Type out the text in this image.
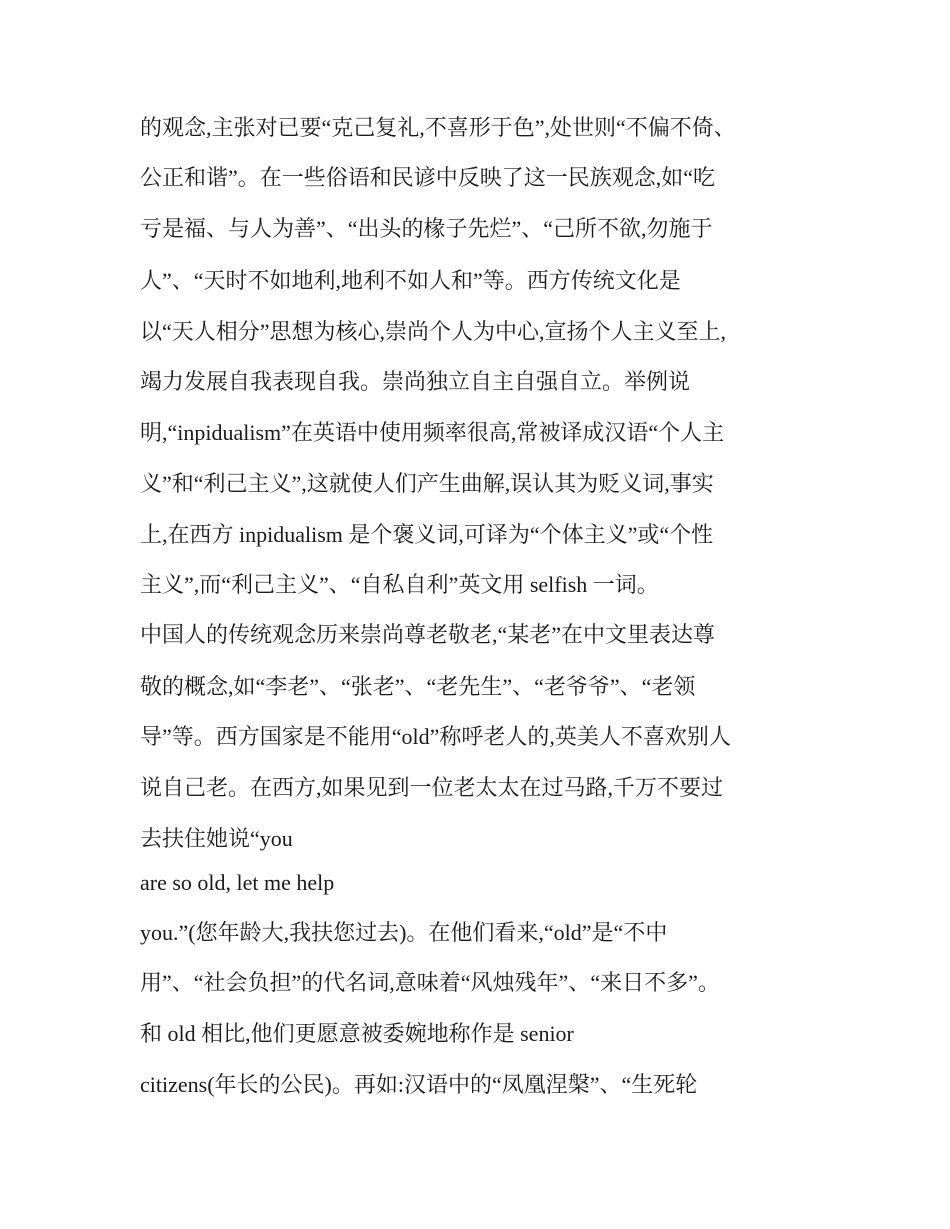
的观念,主张对已要“克己复礼,不喜形于色”,处世则“不偏不倚、
公正和谐”。在一些俗语和民谚中反映了这一民族观念,如“吃
亏是福、与人为善”、“出头的椽子先烂”、“己所不欲,勿施于
人”、“天时不如地利,地利不如人和”等。西方传统文化是
以“天人相分”思想为核心,崇尚个人为中心,宣扬个人主义至上,
竭力发展自我表现自我。崇尚独立自主自强自立。举例说
明,“inpidualism”在英语中使用频率很高,常被译成汉语“个人主
义”和“利己主义”,这就使人们产生曲解,误认其为贬义词,事实
上,在西方 inpidualism 是个褒义词,可译为“个体主义”或“个性
主义”,而“利己主义”、“自私自利”英文用 selfish 一词。
中国人的传统观念历来崇尚尊老敬老,“某老”在中文里表达尊
敬的概念,如“李老”、“张老”、“老先生”、“老爷爷”、“老领
导”等。西方国家是不能用“old”称呼老人的,英美人不喜欢别人
说自己老。在西方,如果见到一位老太太在过马路,千万不要过
去扶住她说“you
are so old, let me help
you.”(您年龄大,我扶您过去)。在他们看来,“old”是“不中
用”、“社会负担”的代名词,意味着“风烛残年”、“来日不多”。
和 old 相比,他们更愿意被委婉地称作是 senior
citizens(年长的公民)。再如:汉语中的“凤凰涅槃”、“生死轮
